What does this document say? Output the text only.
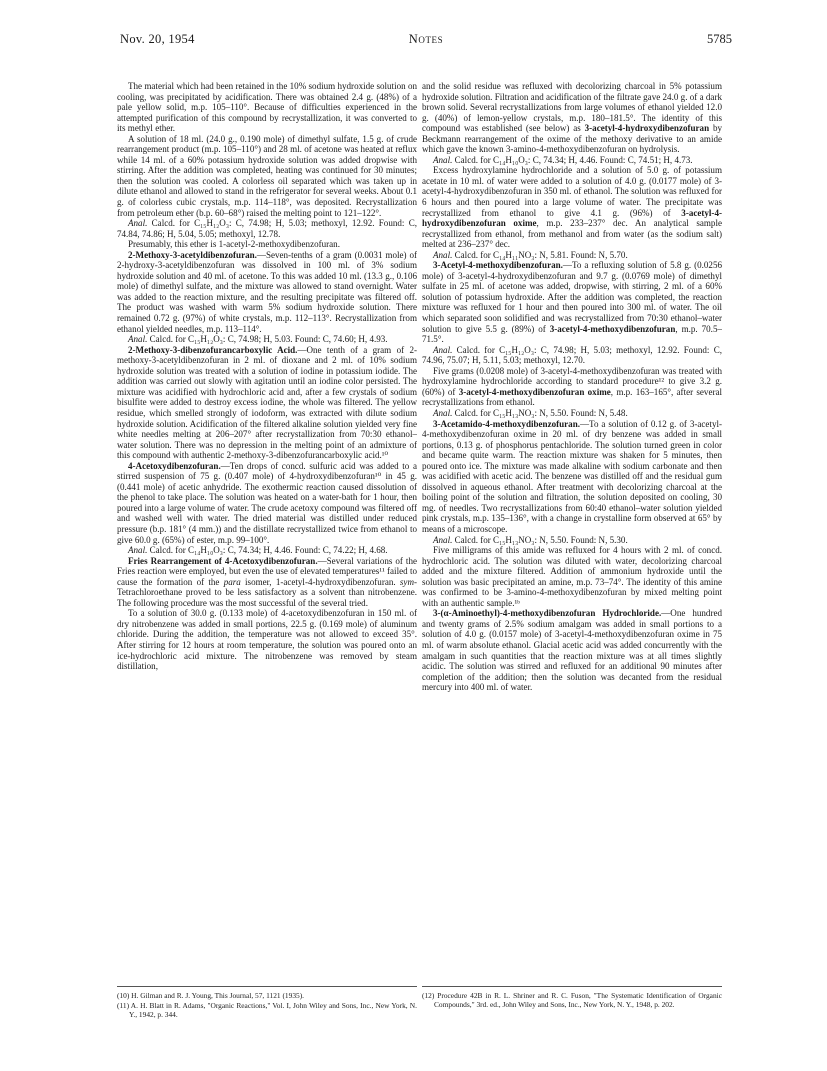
Nov. 20, 1954	Notes	5785

The material which had been retained in the 10% sodium hydroxide solution on cooling, was precipitated by acidification. There was obtained 2.4 g. (48%) of a pale yellow solid, m.p. 105–110°. Because of difficulties experienced in the attempted purification of this compound by recrystallization, it was converted to its methyl ether.

A solution of 18 ml. (24.0 g., 0.190 mole) of dimethyl sulfate, 1.5 g. of crude rearrangement product (m.p. 105–110°) and 28 ml. of acetone was heated at reflux while 14 ml. of a 60% potassium hydroxide solution was added dropwise with stirring. After the addition was completed, heating was continued for 30 minutes; then the solution was cooled. A colorless oil separated which was taken up in dilute ethanol and allowed to stand in the refrigerator for several weeks. About 0.1 g. of colorless cubic crystals, m.p. 114–118°, was deposited. Recrystallization from petroleum ether (b.p. 60–68°) raised the melting point to 121–122°.

Anal. Calcd. for C₁₅H₁₂O₃: C, 74.98; H, 5.03; methoxyl, 12.92. Found: C, 74.84, 74.86; H, 5.04, 5.05; methoxyl, 12.78.

Presumably, this ether is 1-acetyl-2-methoxydibenzofuran.

2-Methoxy-3-acetyldibenzofuran.—Seven-tenths of a gram (0.0031 mole) of 2-hydroxy-3-acetyldibenzofuran was dissolved in 100 ml. of 3% sodium hydroxide solution and 40 ml. of acetone. To this was added 10 ml. (13.3 g., 0.106 mole) of dimethyl sulfate, and the mixture was allowed to stand overnight. Water was added to the reaction mixture, and the resulting precipitate was filtered off. The product was washed with warm 5% sodium hydroxide solution. There remained 0.72 g. (97%) of white crystals, m.p. 112–113°. Recrystallization from ethanol yielded needles, m.p. 113–114°.

Anal. Calcd. for C₁₅H₁₂O₃: C, 74.98; H, 5.03. Found: C, 74.60; H, 4.93.

2-Methoxy-3-dibenzofurancarboxylic Acid.—One tenth of a gram of 2-methoxy-3-acetyldibenzofuran in 2 ml. of dioxane and 2 ml. of 10% sodium hydroxide solution was treated with a solution of iodine in potassium iodide. The addition was carried out slowly with agitation until an iodine color persisted. The mixture was acidified with hydrochloric acid and, after a few crystals of sodium bisulfite were added to destroy excess iodine, the whole was filtered. The yellow residue, which smelled strongly of iodoform, was extracted with dilute sodium hydroxide solution. Acidification of the filtered alkaline solution yielded very fine white needles melting at 206–207° after recrystallization from 70:30 ethanol–water solution. There was no depression in the melting point of an admixture of this compound with authentic 2-methoxy-3-dibenzofurancarboxylic acid.¹⁰

4-Acetoxydibenzofuran.—Ten drops of concd. sulfuric acid was added to a stirred suspension of 75 g. (0.407 mole) of 4-hydroxydibenzofuran¹⁰ in 45 g. (0.441 mole) of acetic anhydride. The exothermic reaction caused dissolution of the phenol to take place. The solution was heated on a water-bath for 1 hour, then poured into a large volume of water. The crude acetoxy compound was filtered off and washed well with water. The dried material was distilled under reduced pressure (b.p. 181° (4 mm.)) and the distillate recrystallized twice from ethanol to give 60.0 g. (65%) of ester, m.p. 99–100°.

Anal. Calcd. for C₁₄H₁₀O₃: C, 74.34; H, 4.46. Found: C, 74.22; H, 4.68.

Fries Rearrangement of 4-Acetoxydibenzofuran.—Several variations of the Fries reaction were employed, but even the use of elevated temperatures¹¹ failed to cause the formation of the para isomer, 1-acetyl-4-hydroxydibenzofuran. sym-Tetrachloroethane proved to be less satisfactory as a solvent than nitrobenzene. The following procedure was the most successful of the several tried.

To a solution of 30.0 g. (0.133 mole) of 4-acetoxydibenzofuran in 150 ml. of dry nitrobenzene was added in small portions, 22.5 g. (0.169 mole) of aluminum chloride. During the addition, the temperature was not allowed to exceed 35°. After stirring for 12 hours at room temperature, the solution was poured onto an ice-hydrochloric acid mixture. The nitrobenzene was removed by steam distillation,

and the solid residue was refluxed with decolorizing charcoal in 5% potassium hydroxide solution. Filtration and acidification of the filtrate gave 24.0 g. of a dark brown solid. Several recrystallizations from large volumes of ethanol yielded 12.0 g. (40%) of lemon-yellow crystals, m.p. 180–181.5°. The identity of this compound was established (see below) as 3-acetyl-4-hydroxydibenzofuran by Beckmann rearrangement of the oxime of the methoxy derivative to an amide which gave the known 3-amino-4-methoxydibenzofuran on hydrolysis.

Anal. Calcd. for C₁₄H₁₀O₃: C, 74.34; H, 4.46. Found: C, 74.51; H, 4.73.

Excess hydroxylamine hydrochloride and a solution of 5.0 g. of potassium acetate in 10 ml. of water were added to a solution of 4.0 g. (0.0177 mole) of 3-acetyl-4-hydroxydibenzofuran in 350 ml. of ethanol. The solution was refluxed for 6 hours and then poured into a large volume of water. The precipitate was recrystallized from ethanol to give 4.1 g. (96%) of 3-acetyl-4-hydroxydibenzofuran oxime, m.p. 233–237° dec. An analytical sample recrystallized from ethanol, from methanol and from water (as the sodium salt) melted at 236–237° dec.

Anal. Calcd. for C₁₄H₁₁NO₃: N, 5.81. Found: N, 5.70.

3-Acetyl-4-methoxydibenzofuran.—To a refluxing solution of 5.8 g. (0.0256 mole) of 3-acetyl-4-hydroxydibenzofuran and 9.7 g. (0.0769 mole) of dimethyl sulfate in 25 ml. of acetone was added, dropwise, with stirring, 2 ml. of a 60% solution of potassium hydroxide. After the addition was completed, the reaction mixture was refluxed for 1 hour and then poured into 300 ml. of water. The oil which separated soon solidified and was recrystallized from 70:30 ethanol–water solution to give 5.5 g. (89%) of 3-acetyl-4-methoxydibenzofuran, m.p. 70.5–71.5°.

Anal. Calcd. for C₁₅H₁₂O₃: C, 74.98; H, 5.03; methoxyl, 12.92. Found: C, 74.96, 75.07; H, 5.11, 5.03; methoxyl, 12.70.

Five grams (0.0208 mole) of 3-acetyl-4-methoxydibenzofuran was treated with hydroxylamine hydrochloride according to standard procedure¹² to give 3.2 g. (60%) of 3-acetyl-4-methoxydibenzofuran oxime, m.p. 163–165°, after several recrystallizations from ethanol.

Anal. Calcd. for C₁₅H₁₃NO₃: N, 5.50. Found: N, 5.48.

3-Acetamido-4-methoxydibenzofuran.—To a solution of 0.12 g. of 3-acetyl-4-methoxydibenzofuran oxime in 20 ml. of dry benzene was added in small portions, 0.13 g. of phosphorus pentachloride. The solution turned green in color and became quite warm. The reaction mixture was shaken for 5 minutes, then poured onto ice. The mixture was made alkaline with sodium carbonate and then was acidified with acetic acid. The benzene was distilled off and the residual gum dissolved in aqueous ethanol. After treatment with decolorizing charcoal at the boiling point of the solution and filtration, the solution deposited on cooling, 30 mg. of needles. Two recrystallizations from 60:40 ethanol–water solution yielded pink crystals, m.p. 135–136°, with a change in crystalline form observed at 65° by means of a microscope.

Anal. Calcd. for C₁₅H₁₃NO₃: N, 5.50. Found: N, 5.30.

Five milligrams of this amide was refluxed for 4 hours with 2 ml. of concd. hydrochloric acid. The solution was diluted with water, decolorizing charcoal added and the mixture filtered. Addition of ammonium hydroxide until the solution was basic precipitated an amine, m.p. 73–74°. The identity of this amine was confirmed to be 3-amino-4-methoxydibenzofuran by mixed melting point with an authentic sample.¹ᵇ

3-(α-Aminoethyl)-4-methoxydibenzofuran Hydrochloride.—One hundred and twenty grams of 2.5% sodium amalgam was added in small portions to a solution of 4.0 g. (0.0157 mole) of 3-acetyl-4-methoxydibenzofuran oxime in 75 ml. of warm absolute ethanol. Glacial acetic acid was added concurrently with the amalgam in such quantities that the reaction mixture was at all times slightly acidic. The solution was stirred and refluxed for an additional 90 minutes after completion of the addition; then the solution was decanted from the residual mercury into 400 ml. of water.

(10) H. Gilman and R. J. Young, This Journal, 57, 1121 (1935).

(11) A. H. Blatt in R. Adams, "Organic Reactions," Vol. I, John Wiley and Sons, Inc., New York, N. Y., 1942, p. 344.

(12) Procedure 42B in R. L. Shriner and R. C. Fuson, "The Systematic Identification of Organic Compounds," 3rd. ed., John Wiley and Sons, Inc., New York, N. Y., 1948, p. 202.
